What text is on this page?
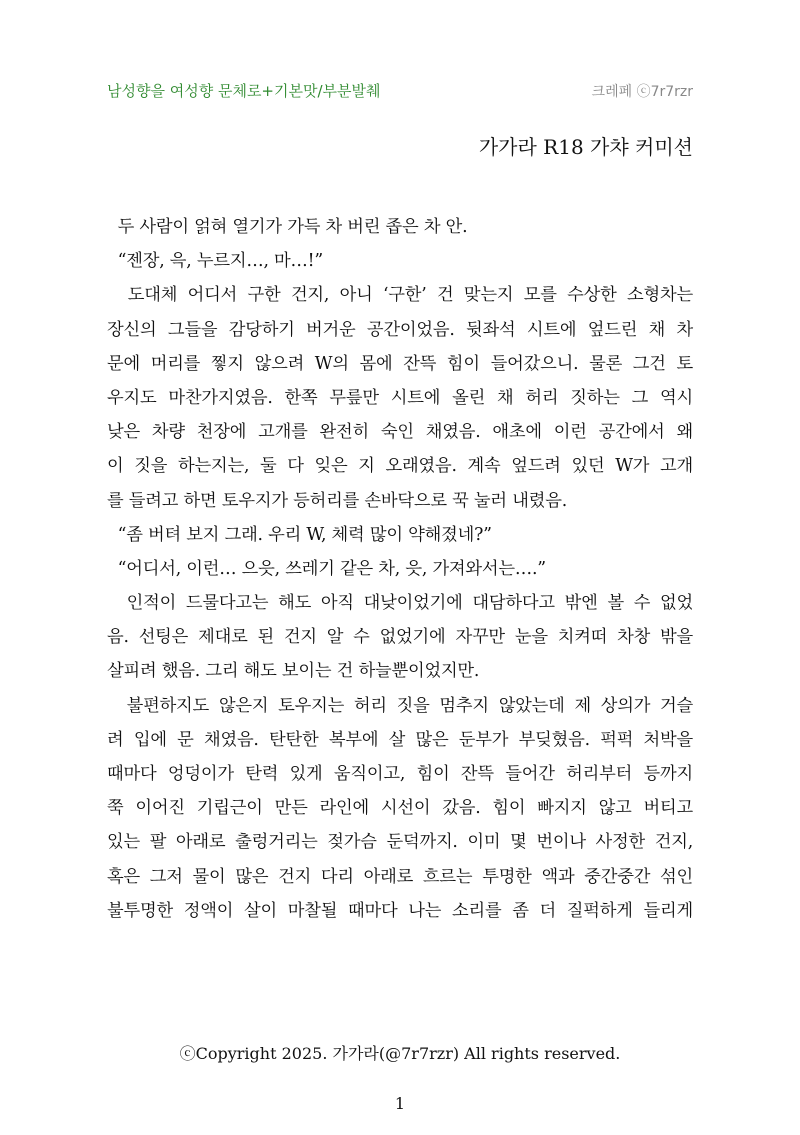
남성향을 여성향 문체로+기본맛/부분발췌	크레페 ⓒ7r7rzr
가가라 R18 가챠 커미션
두 사람이 얽혀 열기가 가득 차 버린 좁은 차 안.
“젠장, 윽, 누르지…, 마…!”
도대체 어디서 구한 건지, 아니 ‘구한’ 건 맞는지 모를 수상한 소형차는
장신의 그들을 감당하기 버거운 공간이었음. 뒷좌석 시트에 엎드린 채 차
문에 머리를 찧지 않으려 W의 몸에 잔뜩 힘이 들어갔으니. 물론 그건 토
우지도 마찬가지였음. 한쪽 무릎만 시트에 올린 채 허리 짓하는 그 역시
낮은 차량 천장에 고개를 완전히 숙인 채였음. 애초에 이런 공간에서 왜
이 짓을 하는지는, 둘 다 잊은 지 오래였음. 계속 엎드려 있던 W가 고개
를 들려고 하면 토우지가 등허리를 손바닥으로 꾹 눌러 내렸음.
“좀 버텨 보지 그래. 우리 W, 체력 많이 약해졌네?”
“어디서, 이런… 으읏, 쓰레기 같은 차, 읏, 가져와서는….”
인적이 드물다고는 해도 아직 대낮이었기에 대담하다고 밖엔 볼 수 없었
음. 선팅은 제대로 된 건지 알 수 없었기에 자꾸만 눈을 치켜떠 차창 밖을
살피려 했음. 그리 해도 보이는 건 하늘뿐이었지만.
불편하지도 않은지 토우지는 허리 짓을 멈추지 않았는데 제 상의가 거슬
려 입에 문 채였음. 탄탄한 복부에 살 많은 둔부가 부딪혔음. 퍽퍽 처박을
때마다 엉덩이가 탄력 있게 움직이고, 힘이 잔뜩 들어간 허리부터 등까지
쭉 이어진 기립근이 만든 라인에 시선이 갔음. 힘이 빠지지 않고 버티고
있는 팔 아래로 출렁거리는 젖가슴 둔덕까지. 이미 몇 번이나 사정한 건지,
혹은 그저 물이 많은 건지 다리 아래로 흐르는 투명한 액과 중간중간 섞인
불투명한 정액이 살이 마찰될 때마다 나는 소리를 좀 더 질퍽하게 들리게
ⓒCopyright 2025. 가가라(@7r7rzr) All rights reserved.
1
